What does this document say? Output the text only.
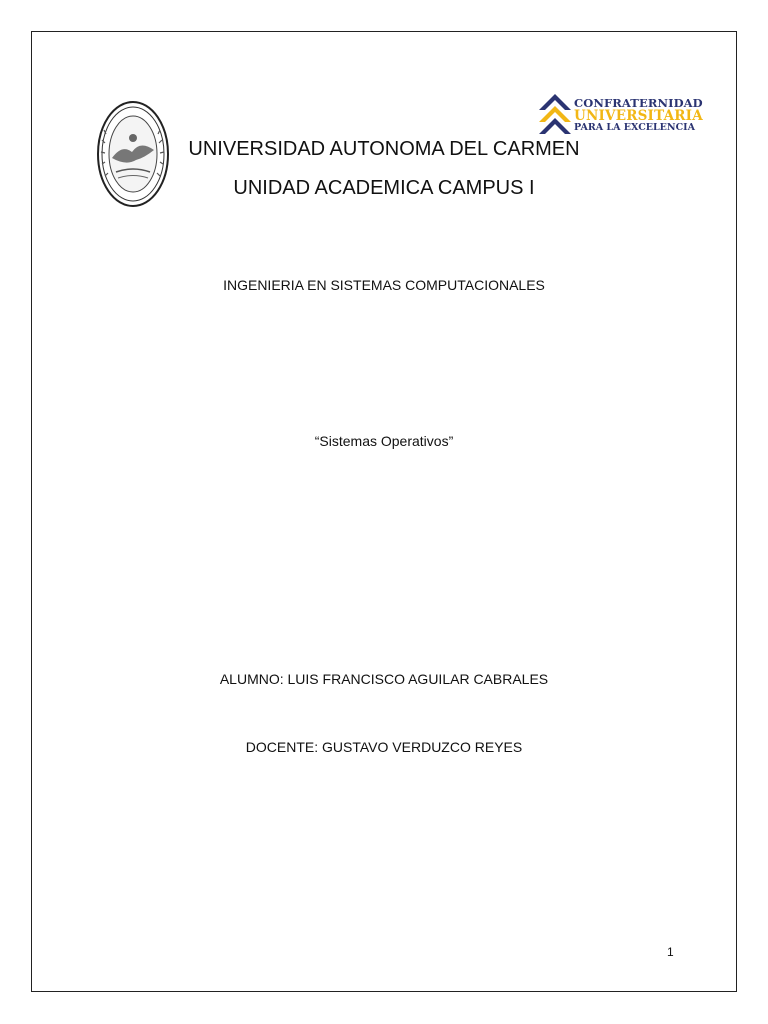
CONFRATERNIDAD
UNIVERSITARIA
PARA LA EXCELENCIA
UNIVERSIDAD AUTONOMA DEL CARMEN
UNIDAD ACADEMICA CAMPUS I
INGENIERIA EN SISTEMAS COMPUTACIONALES
“Sistemas Operativos”
ALUMNO: LUIS FRANCISCO AGUILAR CABRALES
DOCENTE: GUSTAVO VERDUZCO REYES
1
